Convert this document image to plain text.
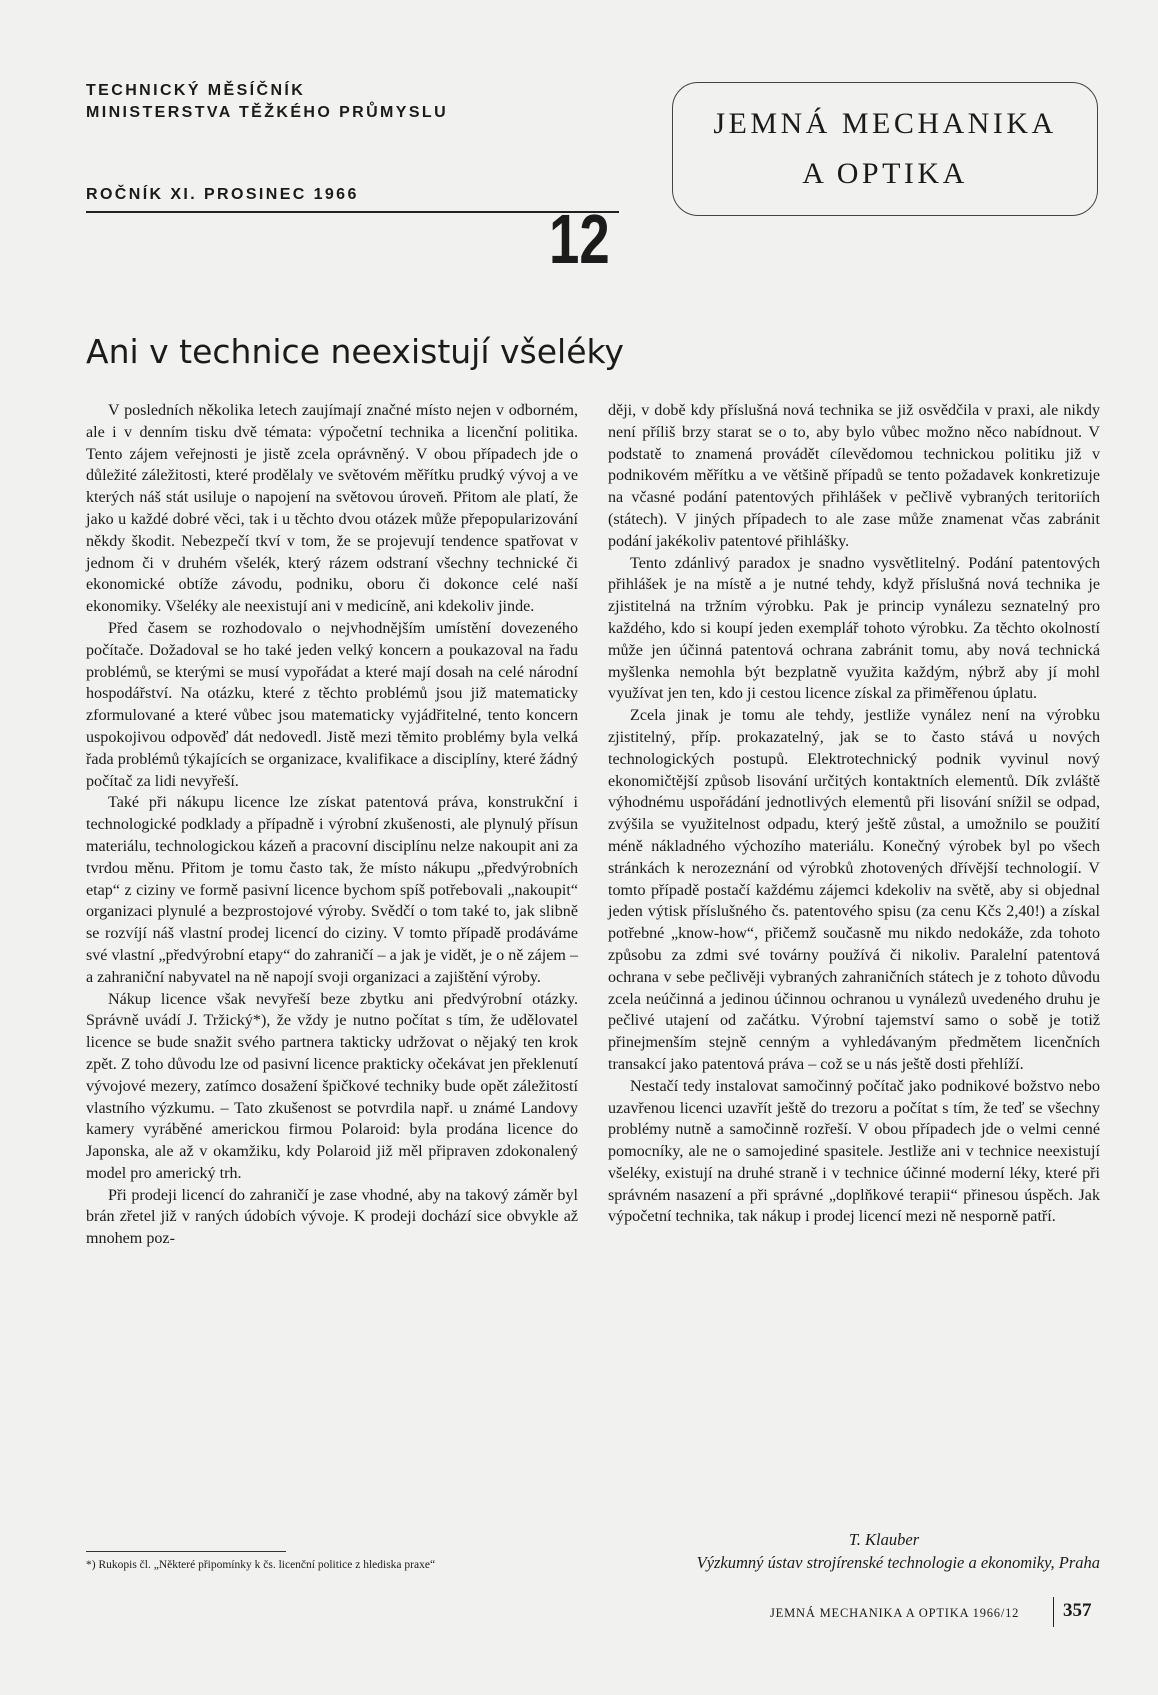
TECHNICKÝ MĚSÍČNÍK
MINISTERSTVA TĚŽKÉHO PRŮMYSLU
ROČNÍK XI. PROSINEC 1966
12
JEMNÁ MECHANIKA
A OPTIKA
Ani v technice neexistují všeléky

V posledních několika letech zaujímají značné místo nejen v odborném, ale i v denním tisku dvě témata: výpočetní technika a licenční politika. Tento zájem veřejnosti je jistě zcela oprávněný. V obou případech jde o důležité záležitosti, které prodělaly ve světovém měřítku prudký vývoj a ve kterých náš stát usiluje o napojení na světovou úroveň. Přitom ale platí, že jako u každé dobré věci, tak i u těchto dvou otázek může přepopularizování někdy škodit. Nebezpečí tkví v tom, že se projevují tendence spatřovat v jednom či v druhém všelék, který rázem odstraní všechny technické či ekonomické obtíže závodu, podniku, oboru či dokonce celé naší ekonomiky. Všeléky ale neexistují ani v medicíně, ani kdekoliv jinde.

Před časem se rozhodovalo o nejvhodnějším umístění dovezeného počítače. Dožadoval se ho také jeden velký koncern a poukazoval na řadu problémů, se kterými se musí vypořádat a které mají dosah na celé národní hospodářství. Na otázku, které z těchto problémů jsou již matematicky zformulované a které vůbec jsou matematicky vyjádřitelné, tento koncern uspokojivou odpověď dát nedovedl. Jistě mezi těmito problémy byla velká řada problémů týkajících se organizace, kvalifikace a disciplíny, které žádný počítač za lidi nevyřeší.

Také při nákupu licence lze získat patentová práva, konstrukční i technologické podklady a případně i výrobní zkušenosti, ale plynulý přísun materiálu, technologickou kázeň a pracovní disciplínu nelze nakoupit ani za tvrdou měnu. Přitom je tomu často tak, že místo nákupu „předvýrobních etap“ z ciziny ve formě pasivní licence bychom spíš potřebovali „nakoupit“ organizaci plynulé a bezprostojové výroby. Svědčí o tom také to, jak slibně se rozvíjí náš vlastní prodej licencí do ciziny. V tomto případě prodáváme své vlastní „předvýrobní etapy“ do zahraničí – a jak je vidět, je o ně zájem – a zahraniční nabyvatel na ně napojí svoji organizaci a zajištění výroby.

Nákup licence však nevyřeší beze zbytku ani předvýrobní otázky. Správně uvádí J. Tržický*), že vždy je nutno počítat s tím, že udělovatel licence se bude snažit svého partnera takticky udržovat o nějaký ten krok zpět. Z toho důvodu lze od pasivní licence prakticky očekávat jen překlenutí vývojové mezery, zatímco dosažení špičkové techniky bude opět záležitostí vlastního výzkumu. – Tato zkušenost se potvrdila např. u známé Landovy kamery vyráběné americkou firmou Polaroid: byla prodána licence do Japonska, ale až v okamžiku, kdy Polaroid již měl připraven zdokonalený model pro americký trh.

Při prodeji licencí do zahraničí je zase vhodné, aby na takový záměr byl brán zřetel již v raných údobích vývoje. K prodeji dochází sice obvykle až mnohem poz-

ději, v době kdy příslušná nová technika se již osvědčila v praxi, ale nikdy není příliš brzy starat se o to, aby bylo vůbec možno něco nabídnout. V podstatě to znamená provádět cílevědomou technickou politiku již v podnikovém měřítku a ve většině případů se tento požadavek konkretizuje na včasné podání patentových přihlášek v pečlivě vybraných teritoriích (státech). V jiných případech to ale zase může znamenat včas zabránit podání jakékoliv patentové přihlášky.

Tento zdánlivý paradox je snadno vysvětlitelný. Podání patentových přihlášek je na místě a je nutné tehdy, když příslušná nová technika je zjistitelná na tržním výrobku. Pak je princip vynálezu seznatelný pro každého, kdo si koupí jeden exemplář tohoto výrobku. Za těchto okolností může jen účinná patentová ochrana zabránit tomu, aby nová technická myšlenka nemohla být bezplatně využita každým, nýbrž aby jí mohl využívat jen ten, kdo ji cestou licence získal za přiměřenou úplatu.

Zcela jinak je tomu ale tehdy, jestliže vynález není na výrobku zjistitelný, příp. prokazatelný, jak se to často stává u nových technologických postupů. Elektrotechnický podnik vyvinul nový ekonomičtější způsob lisování určitých kontaktních elementů. Dík zvláště výhodnému uspořádání jednotlivých elementů při lisování snížil se odpad, zvýšila se využitelnost odpadu, který ještě zůstal, a umožnilo se použití méně nákladného výchozího materiálu. Konečný výrobek byl po všech stránkách k nerozeznání od výrobků zhotovených dřívější technologií. V tomto případě postačí každému zájemci kdekoliv na světě, aby si objednal jeden výtisk příslušného čs. patentového spisu (za cenu Kčs 2,40!) a získal potřebné „know-how“, přičemž současně mu nikdo nedokáže, zda tohoto způsobu za zdmi své továrny používá či nikoliv. Paralelní patentová ochrana v sebe pečlivěji vybraných zahraničních státech je z tohoto důvodu zcela neúčinná a jedinou účinnou ochranou u vynálezů uvedeného druhu je pečlivé utajení od začátku. Výrobní tajemství samo o sobě je totiž přinejmenším stejně cenným a vyhledávaným předmětem licenčních transakcí jako patentová práva – což se u nás ještě dosti přehlíží.

Nestačí tedy instalovat samočinný počítač jako podnikové božstvo nebo uzavřenou licenci uzavřít ještě do trezoru a počítat s tím, že teď se všechny problémy nutně a samočinně rozřeší. V obou případech jde o velmi cenné pomocníky, ale ne o samojediné spasitele. Jestliže ani v technice neexistují všeléky, existují na druhé straně i v technice účinné moderní léky, které při správném nasazení a při správné „doplňkové terapii“ přinesou úspěch. Jak výpočetní technika, tak nákup i prodej licencí mezi ně nesporně patří.

T. Klauber
Výzkumný ústav strojírenské technologie a ekonomiky, Praha
*) Rukopis čl. „Některé připomínky k čs. licenční politice z hlediska praxe“
JEMNÁ MECHANIKA A OPTIKA 1966/12 357
